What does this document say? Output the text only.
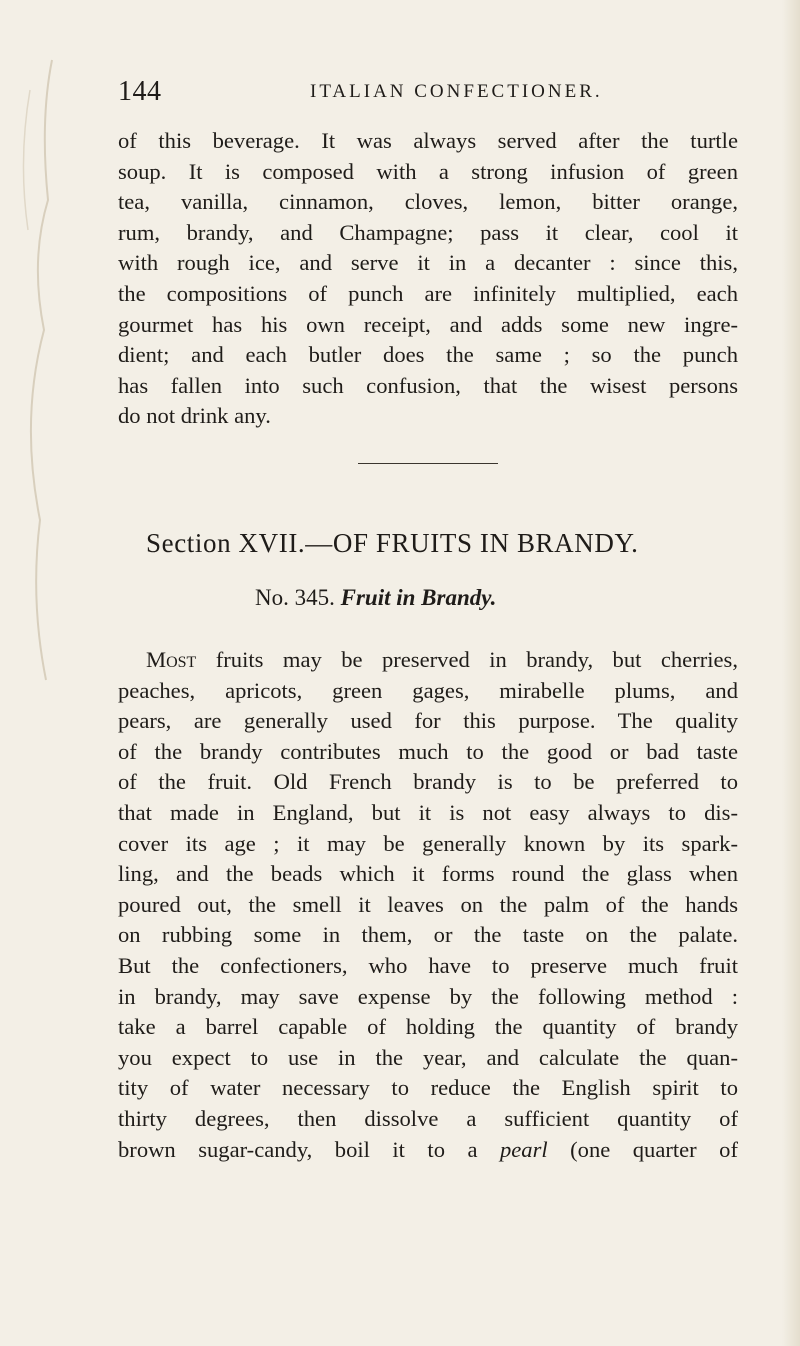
144	ITALIAN CONFECTIONER.
of this beverage. It was always served after the turtle
soup. It is composed with a strong infusion of green
tea, vanilla, cinnamon, cloves, lemon, bitter orange,
rum, brandy, and Champagne; pass it clear, cool it
with rough ice, and serve it in a decanter : since this,
the compositions of punch are infinitely multiplied, each
gourmet has his own receipt, and adds some new ingre-
dient; and each butler does the same ; so the punch
has fallen into such confusion, that the wisest persons
do not drink any.
Section XVII.—OF FRUITS IN BRANDY.
No. 345. Fruit in Brandy.
Most fruits may be preserved in brandy, but cherries,
peaches, apricots, green gages, mirabelle plums, and
pears, are generally used for this purpose. The quality
of the brandy contributes much to the good or bad taste
of the fruit. Old French brandy is to be preferred to
that made in England, but it is not easy always to dis-
cover its age ; it may be generally known by its spark-
ling, and the beads which it forms round the glass when
poured out, the smell it leaves on the palm of the hands
on rubbing some in them, or the taste on the palate.
But the confectioners, who have to preserve much fruit
in brandy, may save expense by the following method :
take a barrel capable of holding the quantity of brandy
you expect to use in the year, and calculate the quan-
tity of water necessary to reduce the English spirit to
thirty degrees, then dissolve a sufficient quantity of
brown sugar-candy, boil it to a pearl (one quarter of
